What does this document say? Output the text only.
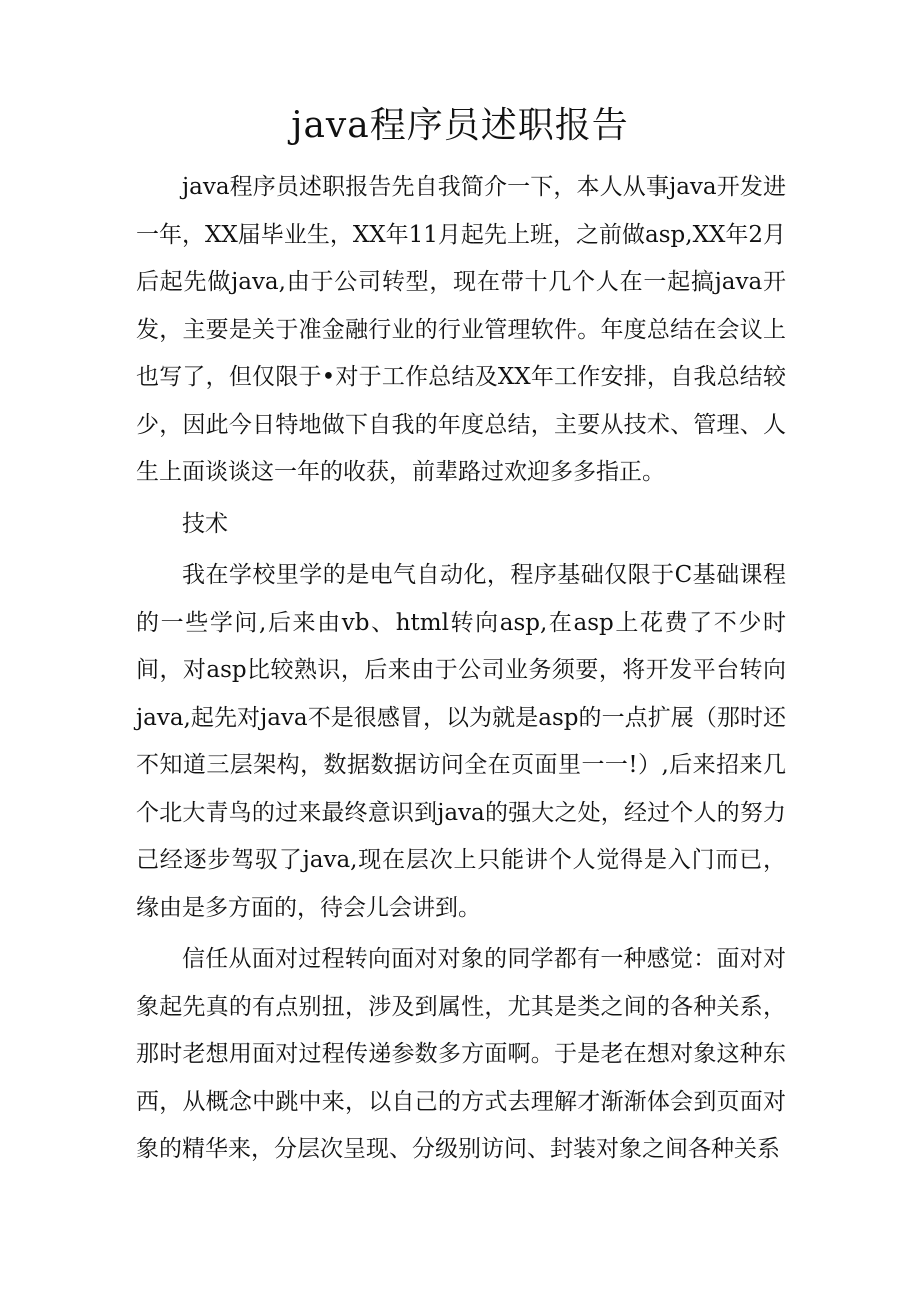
java程序员述职报告

java程序员述职报告先自我简介一下，本人从事java开发进一年，XX届毕业生，XX年11月起先上班，之前做asp,XX年2月后起先做java,由于公司转型，现在带十几个人在一起搞java开发，主要是关于准金融行业的行业管理软件。年度总结在会议上也写了，但仅限于•对于工作总结及XX年工作安排，自我总结较少，因此今日特地做下自我的年度总结，主要从技术、管理、人生上面谈谈这一年的收获，前辈路过欢迎多多指正。

技术

我在学校里学的是电气自动化，程序基础仅限于C基础课程的一些学问,后来由vb、html转向asp,在asp上花费了不少时间，对asp比较熟识，后来由于公司业务须要，将开发平台转向java,起先对java不是很感冒，以为就是asp的一点扩展（那时还不知道三层架构，数据数据访问全在页面里一一!）,后来招来几个北大青鸟的过来最终意识到java的强大之处，经过个人的努力己经逐步驾驭了java,现在层次上只能讲个人觉得是入门而已，缘由是多方面的，待会儿会讲到。

信任从面对过程转向面对对象的同学都有一种感觉：面对对象起先真的有点别扭，涉及到属性，尤其是类之间的各种关系，那时老想用面对过程传递参数多方面啊。于是老在想对象这种东西，从概念中跳中来，以自己的方式去理解才渐渐体会到页面对象的精华来，分层次呈现、分级别访问、封装对象之间各种关系
